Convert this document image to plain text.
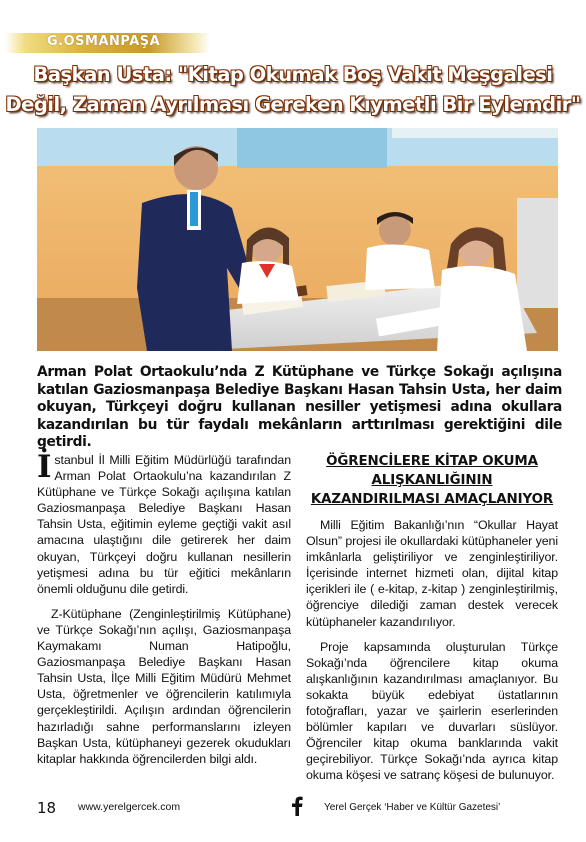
G.OSMANPAŞA
Başkan Usta: "Kitap Okumak Boş Vakit Meşgalesi
Değil, Zaman Ayrılması Gereken Kıymetli Bir Eylemdir"
Arman Polat Ortaokulu’nda Z Kütüphane ve Türkçe Sokağı açılışına katılan Gaziosmanpaşa Belediye Başkanı Hasan Tahsin Usta, her daim okuyan, Türkçeyi doğru kullanan nesiller yetişmesi adına okullara kazandırılan bu tür faydalı mekânların arttırılması gerektiğini dile getirdi.

İstanbul İl Milli Eğitim Müdürlüğü tarafından Arman Polat Ortaokulu’na kazandırılan Z Kütüphane ve Türkçe Sokağı açılışına katılan Gaziosmanpaşa Belediye Başkanı Hasan Tahsin Usta, eğitimin eyleme geçtiği vakit asıl amacına ulaştığını dile getirerek her daim okuyan, Türkçeyi doğru kullanan nesillerin yetişmesi adına bu tür eğitici mekânların önemli olduğunu dile getirdi.

Z-Kütüphane (Zenginleştirilmiş Kütüphane) ve Türkçe Sokağı’nın açılışı, Gaziosmanpaşa Kaymakamı Numan Hatipoğlu, Gaziosmanpaşa Belediye Başkanı Hasan Tahsin Usta, İlçe Milli Eğitim Müdürü Mehmet Usta, öğretmenler ve öğrencilerin katılımıyla gerçekleştirildi. Açılışın ardından öğrencilerin hazırladığı sahne performanslarını izleyen Başkan Usta, kütüphaneyi gezerek okudukları kitaplar hakkında öğrencilerden bilgi aldı.

ÖĞRENCİLERE KİTAP OKUMA ALIŞKANLIĞININ KAZANDIRILMASI AMAÇLANIYOR

Milli Eğitim Bakanlığı’nın “Okullar Hayat Olsun” projesi ile okullardaki kütüphaneler yeni imkânlarla geliştiriliyor ve zenginleştiriliyor. İçerisinde internet hizmeti olan, dijital kitap içerikleri ile ( e-kitap, z-kitap ) zenginleştirilmiş, öğrenciye dilediği zaman destek verecek kütüphaneler kazandırılıyor.

Proje kapsamında oluşturulan Türkçe Sokağı’nda öğrencilere kitap okuma alışkanlığının kazandırılması amaçlanıyor. Bu sokakta büyük edebiyat üstatlarının fotoğrafları, yazar ve şairlerin eserlerinden bölümler kapıları ve duvarları süslüyor. Öğrenciler kitap okuma banklarında vakit geçirebiliyor. Türkçe Sokağı’nda ayrıca kitap okuma köşesi ve satranç köşesi de bulunuyor.

18 www.yerelgercek.com	Yerel Gerçek ‘Haber ve Kültür Gazetesi’
